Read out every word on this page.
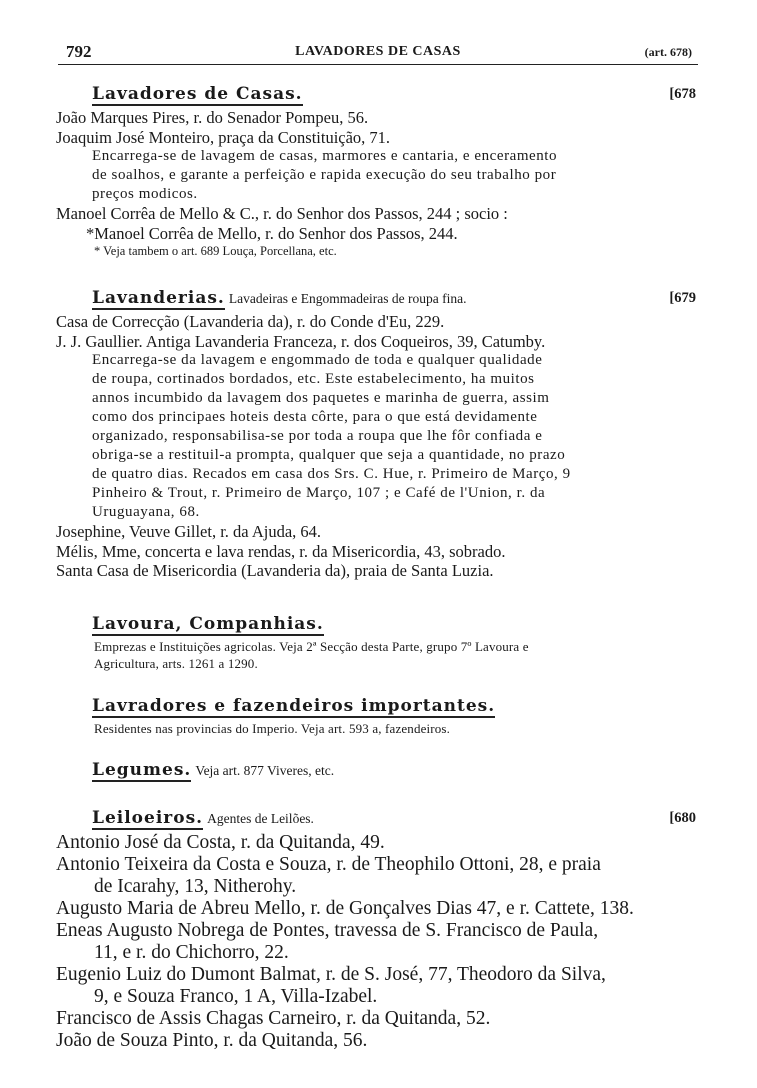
792	LAVADORES DE CASAS	(art. 678)
Lavadores de Casas.	[678
João Marques Pires, r. do Senador Pompeu, 56.
Joaquim José Monteiro, praça da Constituição, 71.
Encarrega-se de lavagem de casas, marmores e cantaria, e enceramento
de soalhos, e garante a perfeição e rapida execução do seu trabalho por
preços modicos.
Manoel Corrêa de Mello & C., r. do Senhor dos Passos, 244 ; socio :
*Manoel Corrêa de Mello, r. do Senhor dos Passos, 244.
* Veja tambem o art. 689 Louça, Porcellana, etc.
Lavanderias. Lavadeiras e Engommadeiras de roupa fina.	[679
Casa de Correcção (Lavanderia da), r. do Conde d'Eu, 229.
J. J. Gaullier. Antiga Lavanderia Franceza, r. dos Coqueiros, 39, Catumby.
Encarrega-se da lavagem e engommado de toda e qualquer qualidade
de roupa, cortinados bordados, etc. Este estabelecimento, ha muitos
annos incumbido da lavagem dos paquetes e marinha de guerra, assim
como dos principaes hoteis desta côrte, para o que está devidamente
organizado, responsabilisa-se por toda a roupa que lhe fôr confiada e
obriga-se a restituil-a prompta, qualquer que seja a quantidade, no prazo
de quatro dias. Recados em casa dos Srs. C. Hue, r. Primeiro de Março, 9
Pinheiro & Trout, r. Primeiro de Março, 107 ; e Café de l'Union, r. da
Uruguayana, 68.
Josephine, Veuve Gillet, r. da Ajuda, 64.
Mélis, Mme, concerta e lava rendas, r. da Misericordia, 43, sobrado.
Santa Casa de Misericordia (Lavanderia da), praia de Santa Luzia.
Lavoura, Companhias.
Emprezas e Instituições agricolas. Veja 2ª Secção desta Parte, grupo 7º Lavoura e
Agricultura, arts. 1261 a 1290.
Lavradores e fazendeiros importantes.
Residentes nas provincias do Imperio. Veja art. 593 a, fazendeiros.
Legumes. Veja art. 877 Viveres, etc.
Leiloeiros. Agentes de Leilões.	[680
Antonio José da Costa, r. da Quitanda, 49.
Antonio Teixeira da Costa e Souza, r. de Theophilo Ottoni, 28, e praia
de Icarahy, 13, Nitherohy.
Augusto Maria de Abreu Mello, r. de Gonçalves Dias 47, e r. Cattete, 138.
Eneas Augusto Nobrega de Pontes, travessa de S. Francisco de Paula,
11, e r. do Chichorro, 22.
Eugenio Luiz do Dumont Balmat, r. de S. José, 77, Theodoro da Silva,
9, e Souza Franco, 1 A, Villa-Izabel.
Francisco de Assis Chagas Carneiro, r. da Quitanda, 52.
João de Souza Pinto, r. da Quitanda, 56.
